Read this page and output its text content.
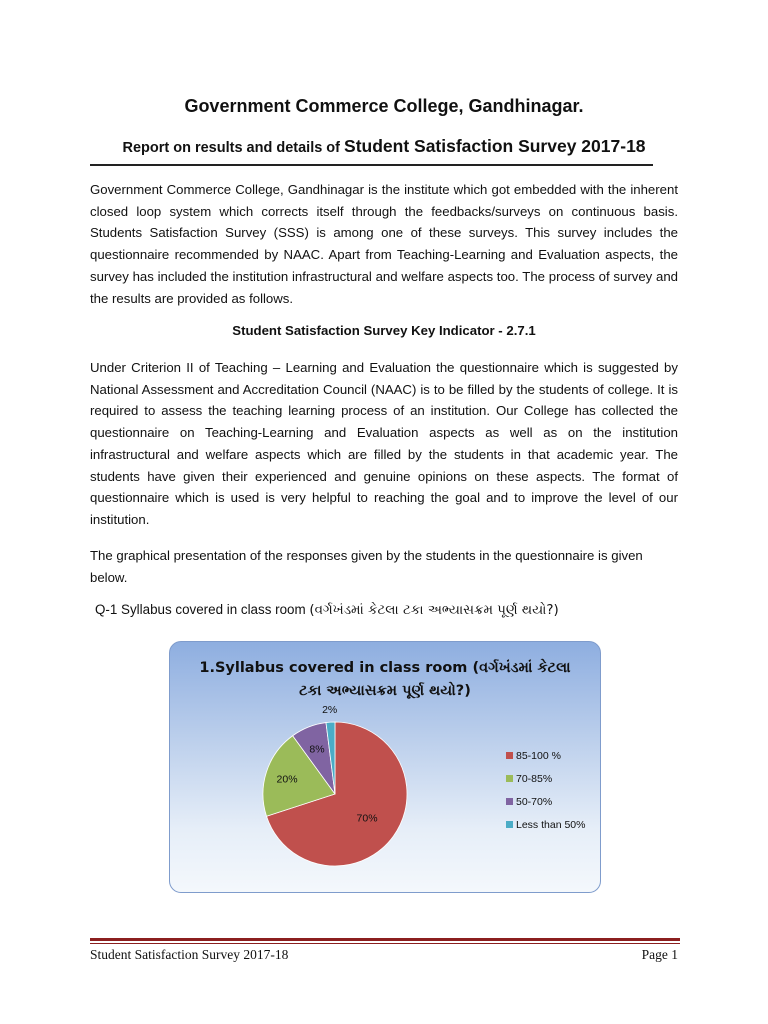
Government Commerce College, Gandhinagar.
Report on results and details of Student Satisfaction Survey 2017-18

Government Commerce College, Gandhinagar is the institute which got embedded with the inherent closed loop system which corrects itself through the feedbacks/surveys on continuous basis. Students Satisfaction Survey (SSS) is among one of these surveys. This survey includes the questionnaire recommended by NAAC. Apart from Teaching-Learning and Evaluation aspects, the survey has included the institution infrastructural and welfare aspects too. The process of survey and the results are provided as follows.

Student Satisfaction Survey Key Indicator - 2.7.1

Under Criterion II of Teaching – Learning and Evaluation the questionnaire which is suggested by National Assessment and Accreditation Council (NAAC) is to be filled by the students of college. It is required to assess the teaching learning process of an institution. Our College has collected the questionnaire on Teaching-Learning and Evaluation aspects as well as on the institution infrastructural and welfare aspects which are filled by the students in that academic year. The students have given their experienced and genuine opinions on these aspects. The format of questionnaire which is used is very helpful to reaching the goal and to improve the level of our institution.

The graphical presentation of the responses given by the students in the questionnaire is given below.

Q-1 Syllabus covered in class room (વર્ગખંડમાં કેટલા ટકા અભ્યાસક્રમ પૂર્ણ થયો?)
1.Syllabus covered in class room (વર્ગખંડમાં કેટલા
ટકા અભ્યાસક્રમ પૂર્ણ થયો?)
70%
20%
8%
2%
85-100 %
70-85%
50-70%
Less than 50%
Student Satisfaction Survey 2017-18	Page 1
